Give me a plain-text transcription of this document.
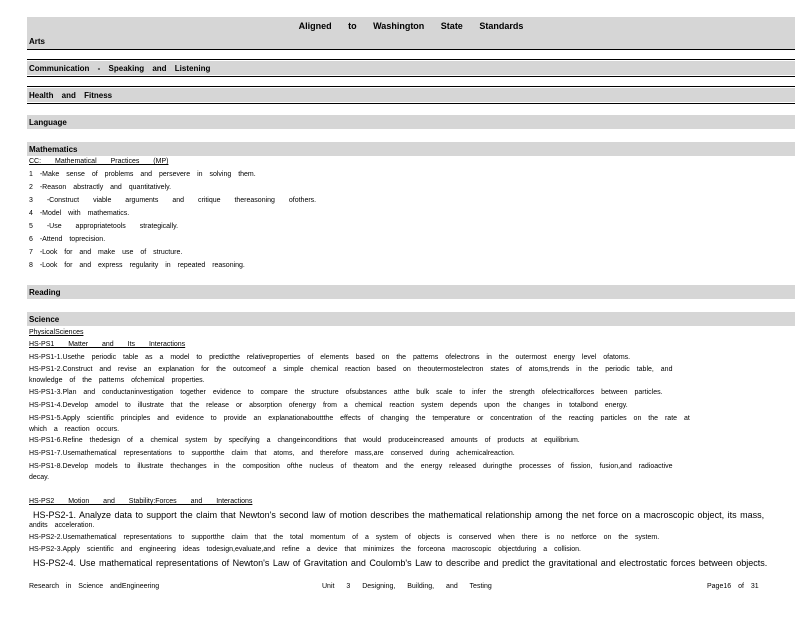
Aligned to Washington State Standards
Arts
Communication - Speaking and Listening
Health and Fitness
Language
Mathematics
CC: Mathematical Practices (MP)
1 -Make sense of problems and persevere in solving them.
2 -Reason abstractly and quantitatively.
3 -Construct viable arguments and critique thereasoning ofothers.
4 -Model with mathematics.
5 -Use appropriatetools strategically.
6 -Attend toprecision.
7 -Look for and make use of structure.
8 -Look for and express regularity in repeated reasoning.
Reading
Science
PhysicalSciences
HS-PS1 Matter and Its Interactions
HS-PS1-1.Usethe periodic table as a model to predictthe relativeproperties of elements based on the patterns ofelectrons in the outermost energy level ofatoms.
HS-PS1-2.Construct and revise an explanation for the outcomeof a simple chemical reaction based on theoutermostelectron states of atoms,trends in the periodic table, and
knowledge of the patterns ofchemical properties.
HS-PS1-3.Plan and conductaninvestigation together evidence to compare the structure ofsubstances atthe bulk scale to infer the strength ofelectricalforces between particles.
HS-PS1-4.Develop amodel to illustrate that the release or absorption ofenergy from a chemical reaction system depends upon the changes in totalbond energy.
HS-PS1-5.Apply scientific principles and evidence to provide an explanationabouttthe effects of changing the temperature or concentration of the reacting particles on the rate at
which a reaction occurs.
HS-PS1-6.Refine thedesign of a chemical system by specifying a changeinconditions that would produceincreased amounts of products at equilibrium.
HS-PS1-7.Usemathematical representations to supportthe claim that atoms, and therefore mass,are conserved during achemicalreaction.
HS-PS1-8.Develop models to illustrate thechanges in the composition ofthe nucleus of theatom and the energy released duringthe processes of fission, fusion,and radioactive
decay.
HS-PS2 Motion and Stability:Forces and Interactions
HS-PS2-1. Analyze data to support the claim that Newton's second law of motion describes the mathematical relationship among the net force on a macroscopic object, its mass,
andits acceleration.
HS-PS2-2.Usemathematical representations to supportthe claim that the total momentum of a system of objects is conserved when there is no netforce on the system.
HS-PS2-3.Apply scientific and engineering ideas todesign,evaluate,and refine a device that minimizes the forceona macroscopic objectduring a collision.
HS-PS2-4. Use mathematical representations of Newton's Law of Gravitation and Coulomb's Law to describe and predict the gravitational and electrostatic forces between objects.
Research in Science andEngineering	Unit 3 Designing, Building, and Testing	Page16 of 31
